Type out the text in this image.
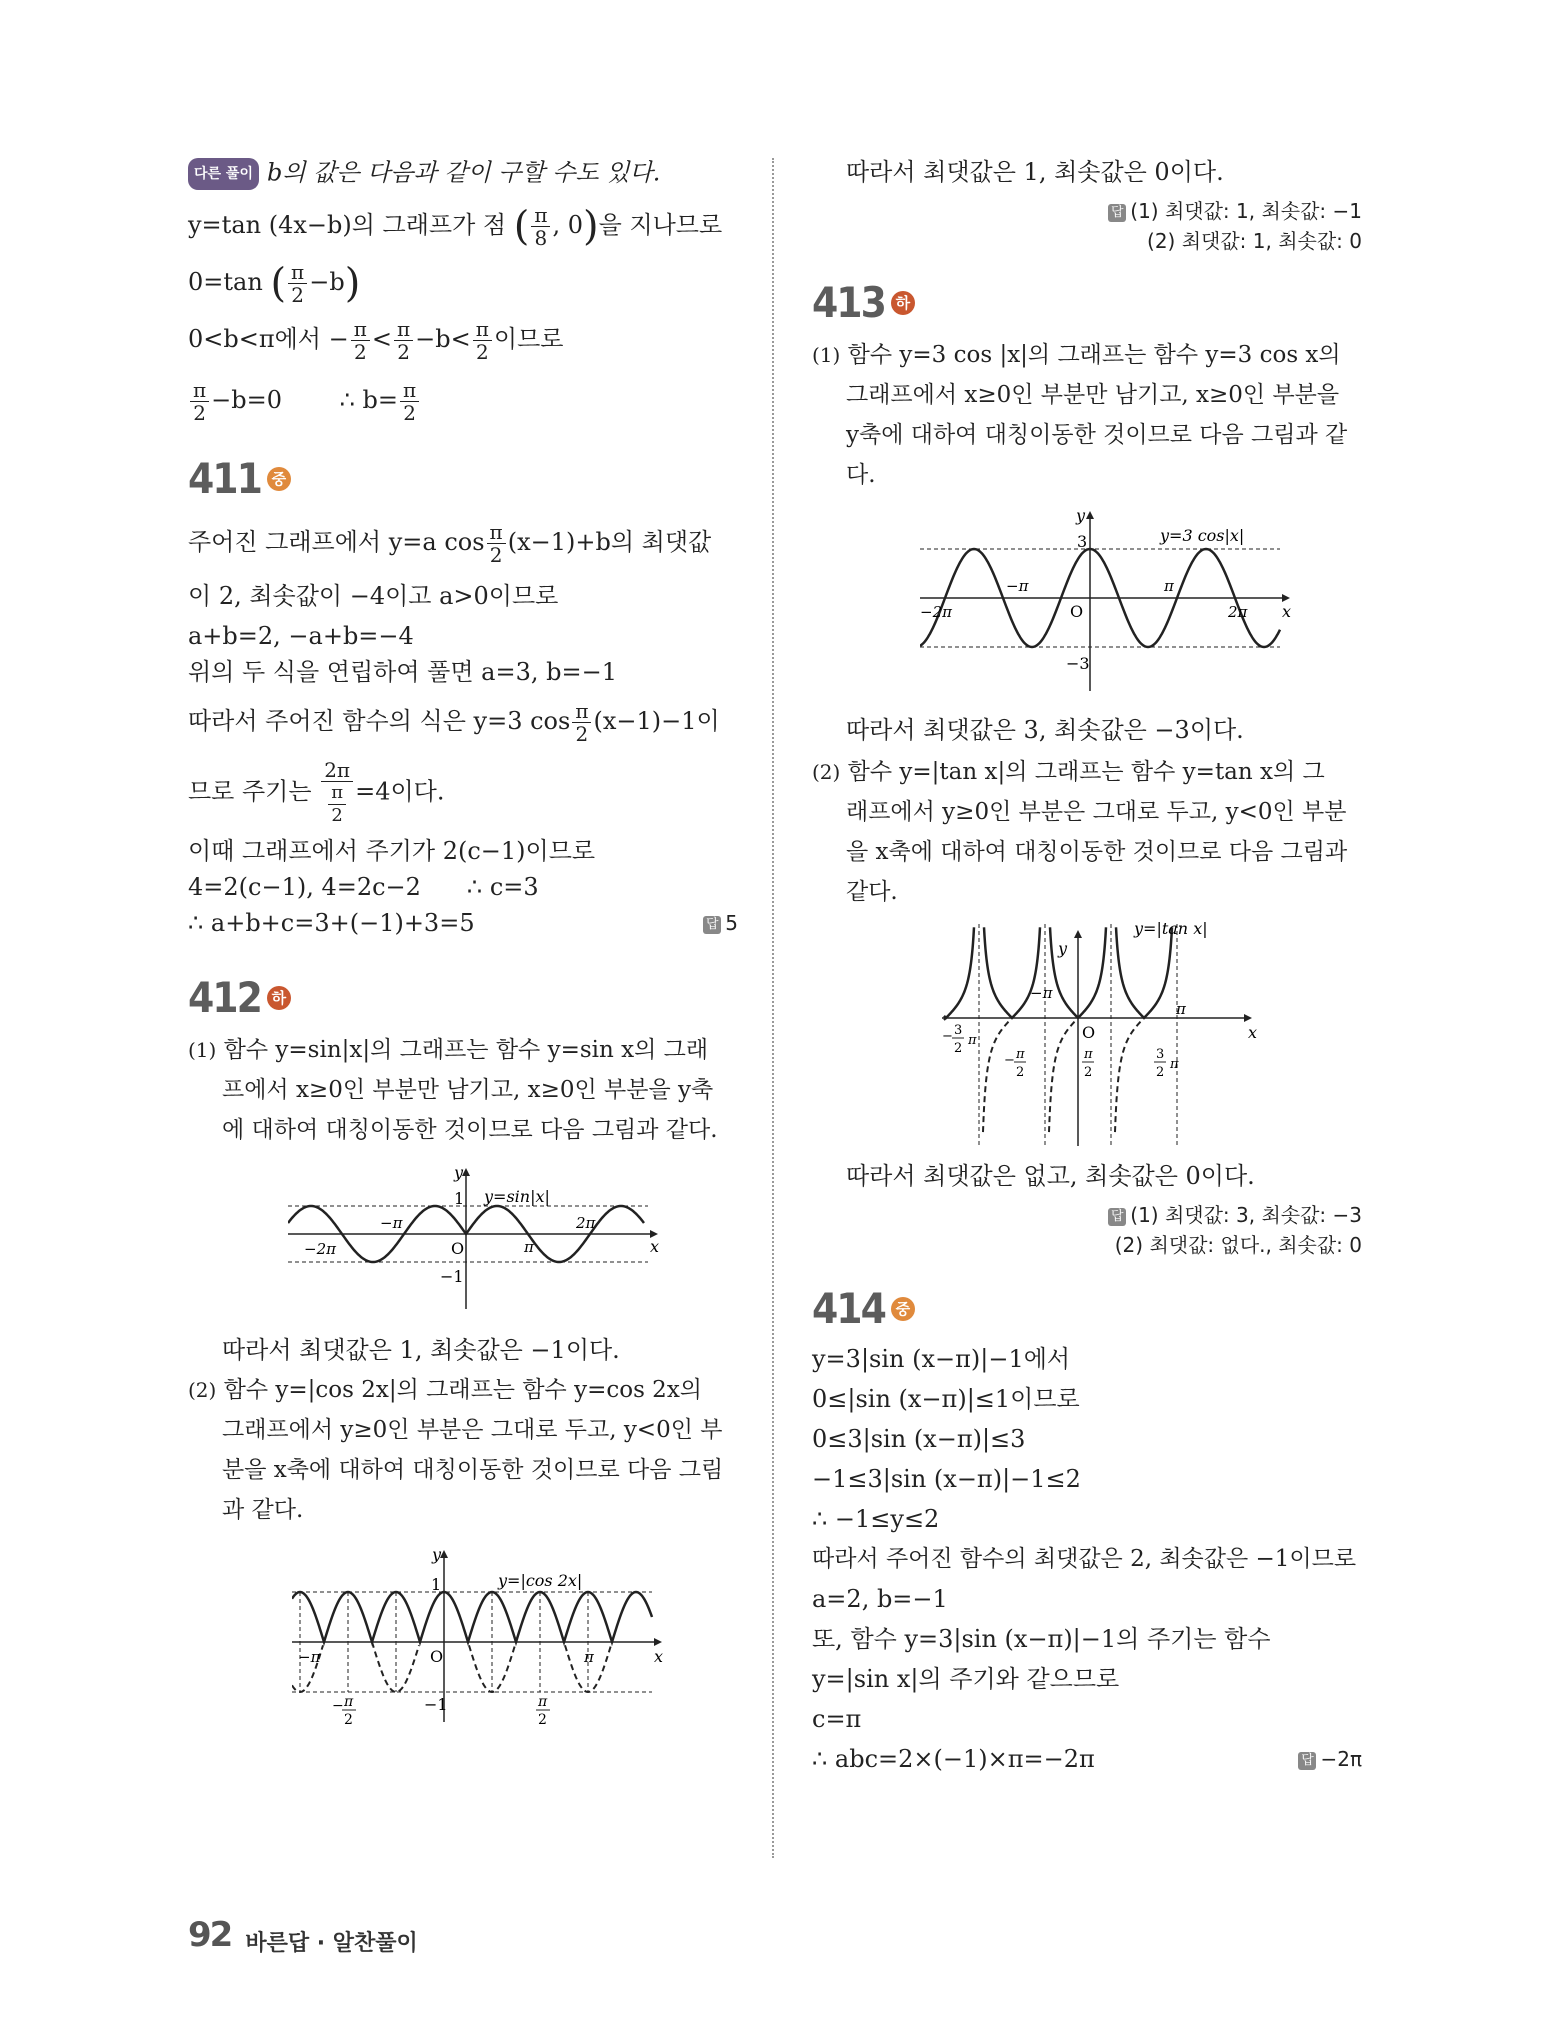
다른 풀이 b의 값은 다음과 같이 구할 수도 있다.

y=tan (4x−b)의 그래프가 점 ( $\frac{\pi}{8}$ , 0)을 지나므로

0=tan ( $\frac{\pi}{2} -b$)

0<b<π에서 − $\frac{\pi}{2} < \frac{\pi}{2} -b< \frac{\pi}{2}$ 이므로

$\frac{\pi}{2} -b=0$ ∴ $b= \frac{\pi}{2}$

411 중

주어진 그래프에서 y=a $\cos \frac{\pi}{2} (x-1)+b$의 최댓값

이 2, 최솟값이 −4이고 a>0이므로

a+b=2, −a+b=−4

위의 두 식을 연립하여 풀면 a=3, b=−1

따라서 주어진 함수의 식은 y=3 $\cos \frac{\pi}{2} (x-1)-1$이

므로 주기는 $\frac{2\pi}{\frac{\pi}{2}} =4$이다.

이때 그래프에서 주기가 2(c−1)이므로

4=2(c−1), 4=2c−2 ∴ c=3

∴ a+b+c=3+(−1)+3=5	답 5

412 하

(1) 함수 y=sin|x|의 그래프는 함수 y=sin x의 그래

프에서 x≥0인 부분만 남기고, x≥0인 부분을 y축

에 대하여 대칭이동한 것이므로 다음 그림과 같다.

y
x
1
−1
O
y=sin|x|
−2π
−π
π
2π

따라서 최댓값은 1, 최솟값은 −1이다.

(2) 함수 y=|cos 2x|의 그래프는 함수 y=cos 2x의

그래프에서 y≥0인 부분은 그대로 두고, y<0인 부

분을 x축에 대하여 대칭이동한 것이므로 다음 그림

과 같다.

y
x
1
−1
O
y=|cos 2x|
−π	π
− π
2
π
2

따라서 최댓값은 1, 최솟값은 0이다.

답 (1) 최댓값: 1, 최솟값: −1

(2) 최댓값: 1, 최솟값: 0

413 하

(1) 함수 y=3 cos |x|의 그래프는 함수 y=3 cos x의

그래프에서 x≥0인 부분만 남기고, x≥0인 부분을

y축에 대하여 대칭이동한 것이므로 다음 그림과 같

다.

y
x
3
−3
O
y=3 cos|x|
−2π
−π	π
2π

따라서 최댓값은 3, 최솟값은 −3이다.

(2) 함수 y=|tan x|의 그래프는 함수 y=tan x의 그

래프에서 y≥0인 부분은 그대로 두고, y<0인 부분

을 x축에 대하여 대칭이동한 것이므로 다음 그림과

같다.

y=|tan x|
y
x
O
−π
π
− 3
2
π
− π
2
π
2
3
2
π

따라서 최댓값은 없고, 최솟값은 0이다.

답 (1) 최댓값: 3, 최솟값: −3

(2) 최댓값: 없다., 최솟값: 0

414 중

y=3|sin (x−π)|−1에서

0≤|sin (x−π)|≤1이므로

0≤3|sin (x−π)|≤3

−1≤3|sin (x−π)|−1≤2

∴ −1≤y≤2

따라서 주어진 함수의 최댓값은 2, 최솟값은 −1이므로

a=2, b=−1

또, 함수 y=3|sin (x−π)|−1의 주기는 함수

y=|sin x|의 주기와 같으므로

c=π

∴ abc=2×(−1)×π=−2π	답 −2π

92 바른답 · 알찬풀이
